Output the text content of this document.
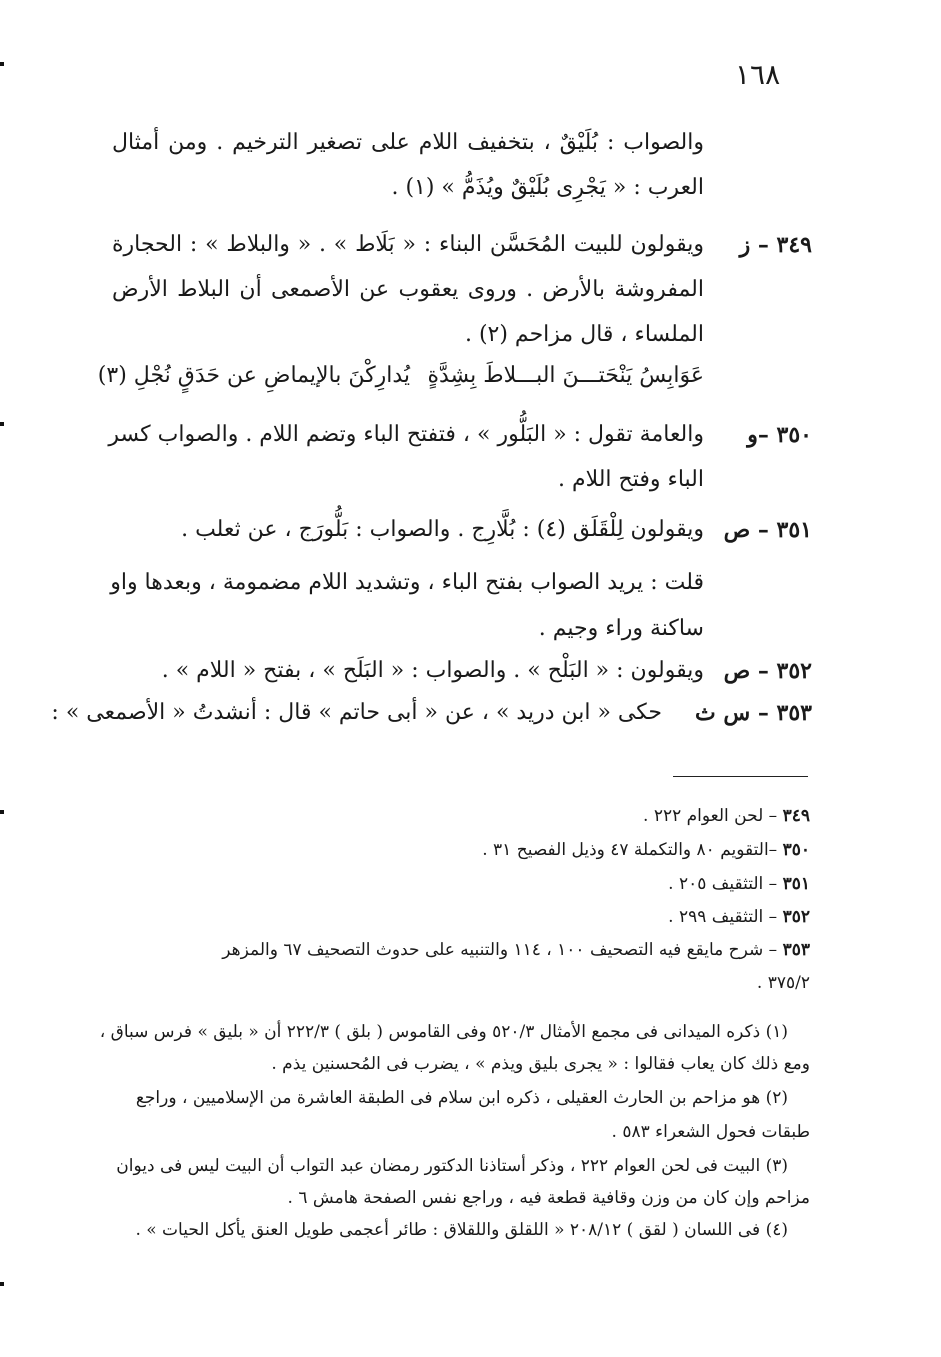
١٦٨
والصواب : بُلَيْقٌ ، بتخفيف اللام على تصغير الترخيم . ومن أمثال
العرب : « يَجْرِى بُلَيْقٌ ويُذَمُّ » (١) .
٣٤٩ – ز
ويقولون للبيت المُحَسَّن البناء : « بَلَاط » . « والبلاط » : الحجارة
المفروشة بالأرض . وروى يعقوب عن الأصمعى أن البلاط الأرض
الملساء ، قال مزاحم (٢) .
عَوَابِسُ يَنْحَتـــنَ البـــلاطَ بِشِدَّةٍ
يُدارِكْنَ بالإيماضِ عن حَدَقٍ نُجْلِ (٣)
٣٥٠ –و
والعامة تقول : « البَلُّور » ، فتفتح الباء وتضم اللام . والصواب كسر
الباء وفتح اللام .
٣٥١ – ص
ويقولون لِلْقَلَق (٤) : بُلَّارِج . والصواب : بَلُّورَج ، عن ثعلب .
قلت : يريد الصواب بفتح الباء ، وتشديد اللام مضمومة ، وبعدها واو
ساكنة وراء وجيم .
٣٥٢ – ص
ويقولون : « البَلْح » . والصواب : « البَلَح » ، بفتح « اللام » .
٣٥٣ – س ث
حكى « ابن دريد » ، عن « أبى حاتم » قال : أنشدتُ « الأصمعى » :
٣٤٩ – لحن العوام ٢٢٢ .
٣٥٠ –التقويم ٨٠ والتكملة ٤٧ وذيل الفصيح ٣١ .
٣٥١ – التثقيف ٢٠٥ .
٣٥٢ – التثقيف ٢٩٩ .
٣٥٣ – شرح مايقع فيه التصحيف ١٠٠ ، ١١٤ والتنبيه على حدوث التصحيف ٦٧ والمزهر
٣٧٥/٢ .
(١) ذكره الميدانى فى مجمع الأمثال ٥٢٠/٣ وفى القاموس ( بلق ) ٢٢٢/٣ أن « بليق » فرس سباق ،
ومع ذلك كان يعاب فقالوا : « يجرى بليق ويذم » ، يضرب فى المُحسنين يذم .
(٢) هو مزاحم بن الحارث العقيلى ، ذكره ابن سلام فى الطبقة العاشرة من الإسلاميين ، وراجع
طبقات فحول الشعراء ٥٨٣ .
(٣) البيت فى لحن العوام ٢٢٢ ، وذكر أستاذنا الدكتور رمضان عبد التواب أن البيت ليس فى ديوان
مزاحم وإن كان من وزن وقافية قطعة فيه ، وراجع نفس الصفحة هامش ٦ .
(٤) فى اللسان ( لقق ) ٢٠٨/١٢ « اللقلق واللقلاق : طائر أعجمى طويل العنق يأكل الحيات » .
